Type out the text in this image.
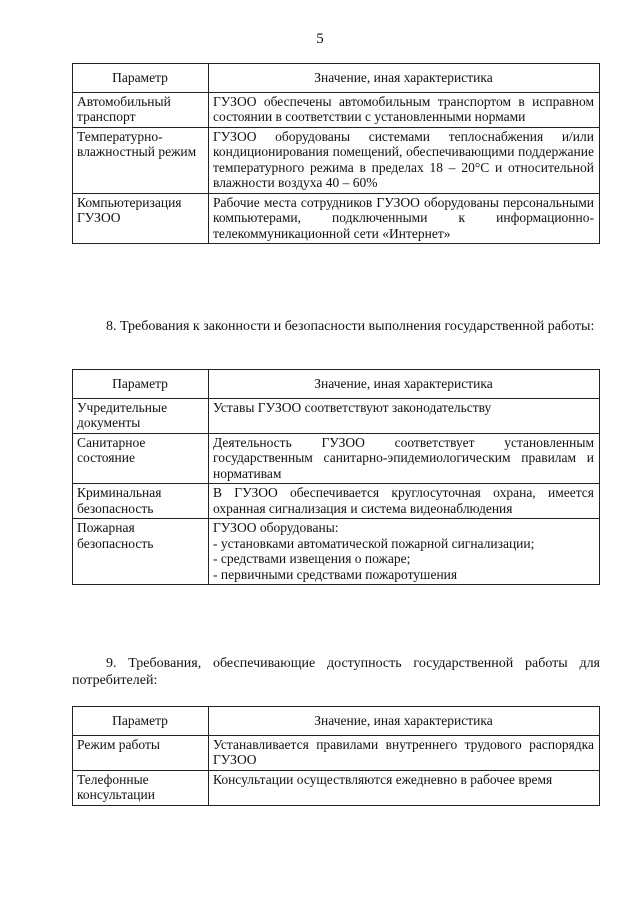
5
Параметр	Значение, иная характеристика
Автомобильный транспорт	ГУЗОО обеспечены автомобильным транспортом в исправном состоянии в соответствии с установленными нормами
Температурно-влажностный режим	ГУЗОО оборудованы системами теплоснабжения и/или кондиционирования помещений, обеспечивающими поддержание температурного режима в пределах 18 – 20°C и относительной влажности воздуха 40 – 60%
Компьютеризация ГУЗОО	Рабочие места сотрудников ГУЗОО оборудованы персональными компьютерами, подключенными к информационно-телекоммуникационной сети «Интернет»
8. Требования к законности и безопасности выполнения государственной работы:
Параметр	Значение, иная характеристика
Учредительные документы	Уставы ГУЗОО соответствуют законодательству
Санитарное состояние	Деятельность ГУЗОО соответствует установленным государственным санитарно-эпидемиологическим правилам и нормативам
Криминальная безопасность	В ГУЗОО обеспечивается круглосуточная охрана, имеется охранная сигнализация и система видеонаблюдения
Пожарная безопасность	ГУЗОО оборудованы:
- установками автоматической пожарной сигнализации;
- средствами извещения о пожаре;
- первичными средствами пожаротушения
9. Требования, обеспечивающие доступность государственной работы для потребителей:
Параметр	Значение, иная характеристика
Режим работы	Устанавливается правилами внутреннего трудового распорядка ГУЗОО
Телефонные консультации	Консультации осуществляются ежедневно в рабочее время
